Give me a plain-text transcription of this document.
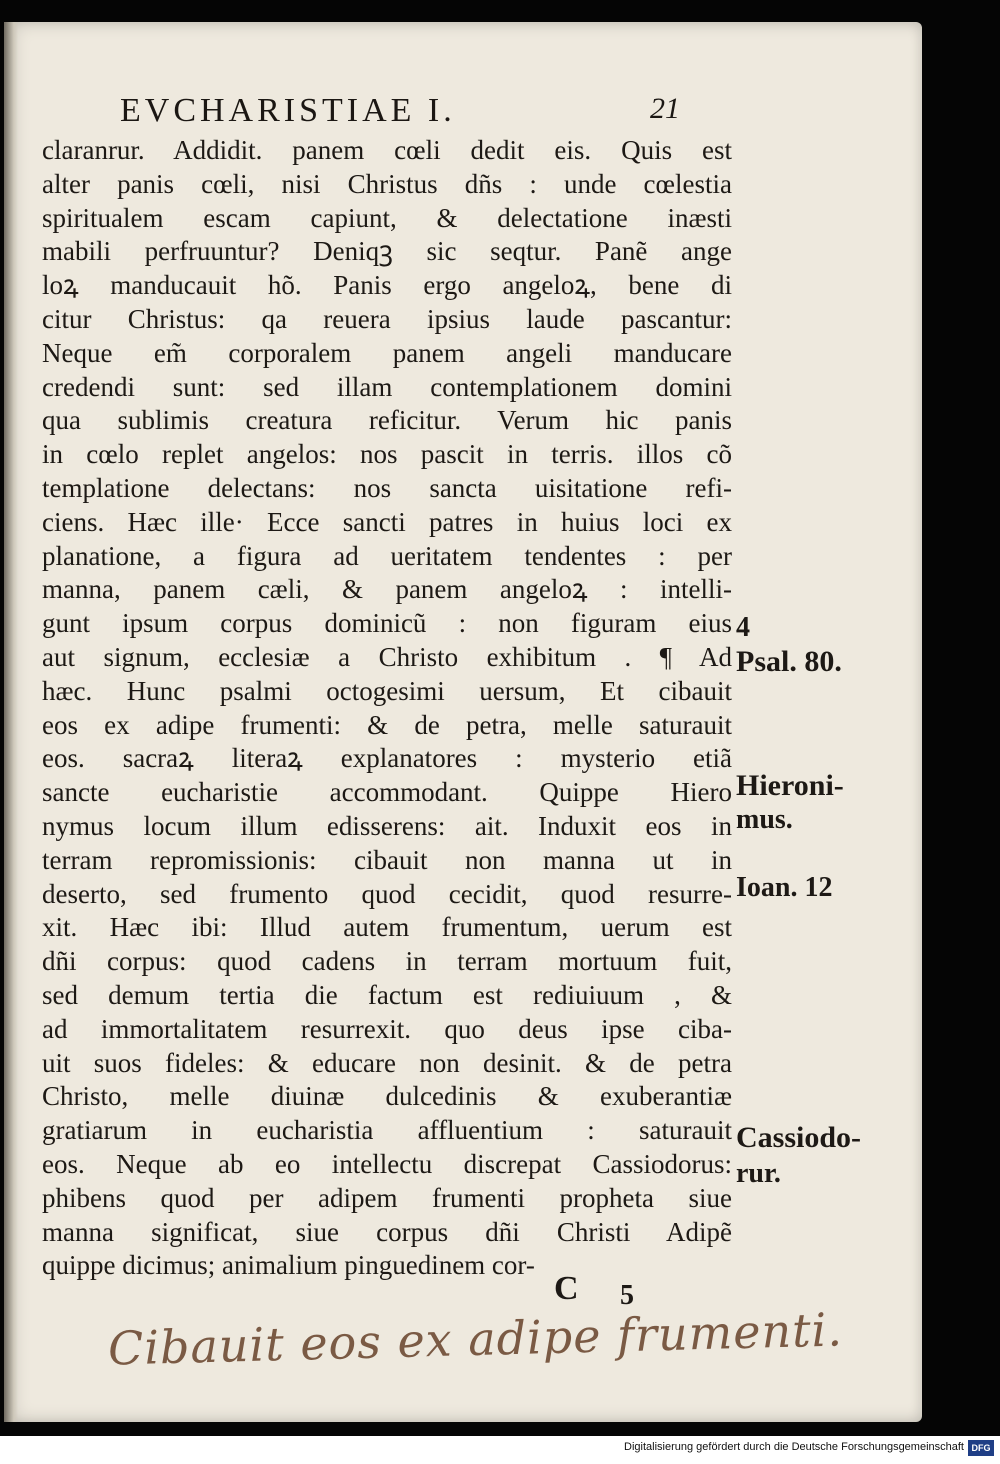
EVCHARISTIAE I.	21
claranrur. Addidit. panem cœli dedit eis. Quis est
alter panis cœli, nisi Christus dñs : unde cœlestia
spiritualem escam capiunt, & delectatione inæsti
mabili perfruuntur? Deniqꝫ sic seqtur. Panẽ ange
loꝝ manducauit hõ. Panis ergo angeloꝝ, bene di
citur Christus: qa reuera ipsius laude pascantur:
Neque em̃ corporalem panem angeli manducare
credendi sunt: sed illam contemplationem domini
qua sublimis creatura reficitur. Verum hic panis
in cœlo replet angelos: nos pascit in terris. illos cõ
templatione delectans: nos sancta uisitatione refi-
ciens. Hæc ille· Ecce sancti patres in huius loci ex
planatione, a figura ad ueritatem tendentes : per
manna, panem cæli, & panem angeloꝝ : intelli-
gunt ipsum corpus dominicũ : non figuram eius
aut signum, ecclesiæ a Christo exhibitum . ¶ Ad
hæc. Hunc psalmi octogesimi uersum, Et cibauit
eos ex adipe frumenti: & de petra, melle saturauit
eos. sacraꝝ literaꝝ explanatores : mysterio etiã
sancte eucharistie accommodant. Quippe Hiero
nymus locum illum edisserens: ait. Induxit eos in
terram repromissionis: cibauit non manna ut in
deserto, sed frumento quod cecidit, quod resurre-
xit. Hæc ibi: Illud autem frumentum, uerum est
dñi corpus: quod cadens in terram mortuum fuit,
sed demum tertia die factum est rediuiuum , &
ad immortalitatem resurrexit. quo deus ipse ciba-
uit suos fideles: & educare non desinit. & de petra
Christo, melle diuinæ dulcedinis & exuberantiæ
gratiarum in eucharistia affluentium : saturauit
eos. Neque ab eo intellectu discrepat Cassiodorus:
phibens quod per adipem frumenti propheta siue
manna significat, siue corpus dñi Christi Adipẽ
quippe dicimus; animalium pinguedinem cor-
4
Psal. 80.
Hieroni-
mus.
Ioan. 12
Cassiodo-
rur.
C 5
Cibauit eos ex adipe frumenti.
Digitalisierung gefördert durch die Deutsche Forschungsgemeinschaft DFG
